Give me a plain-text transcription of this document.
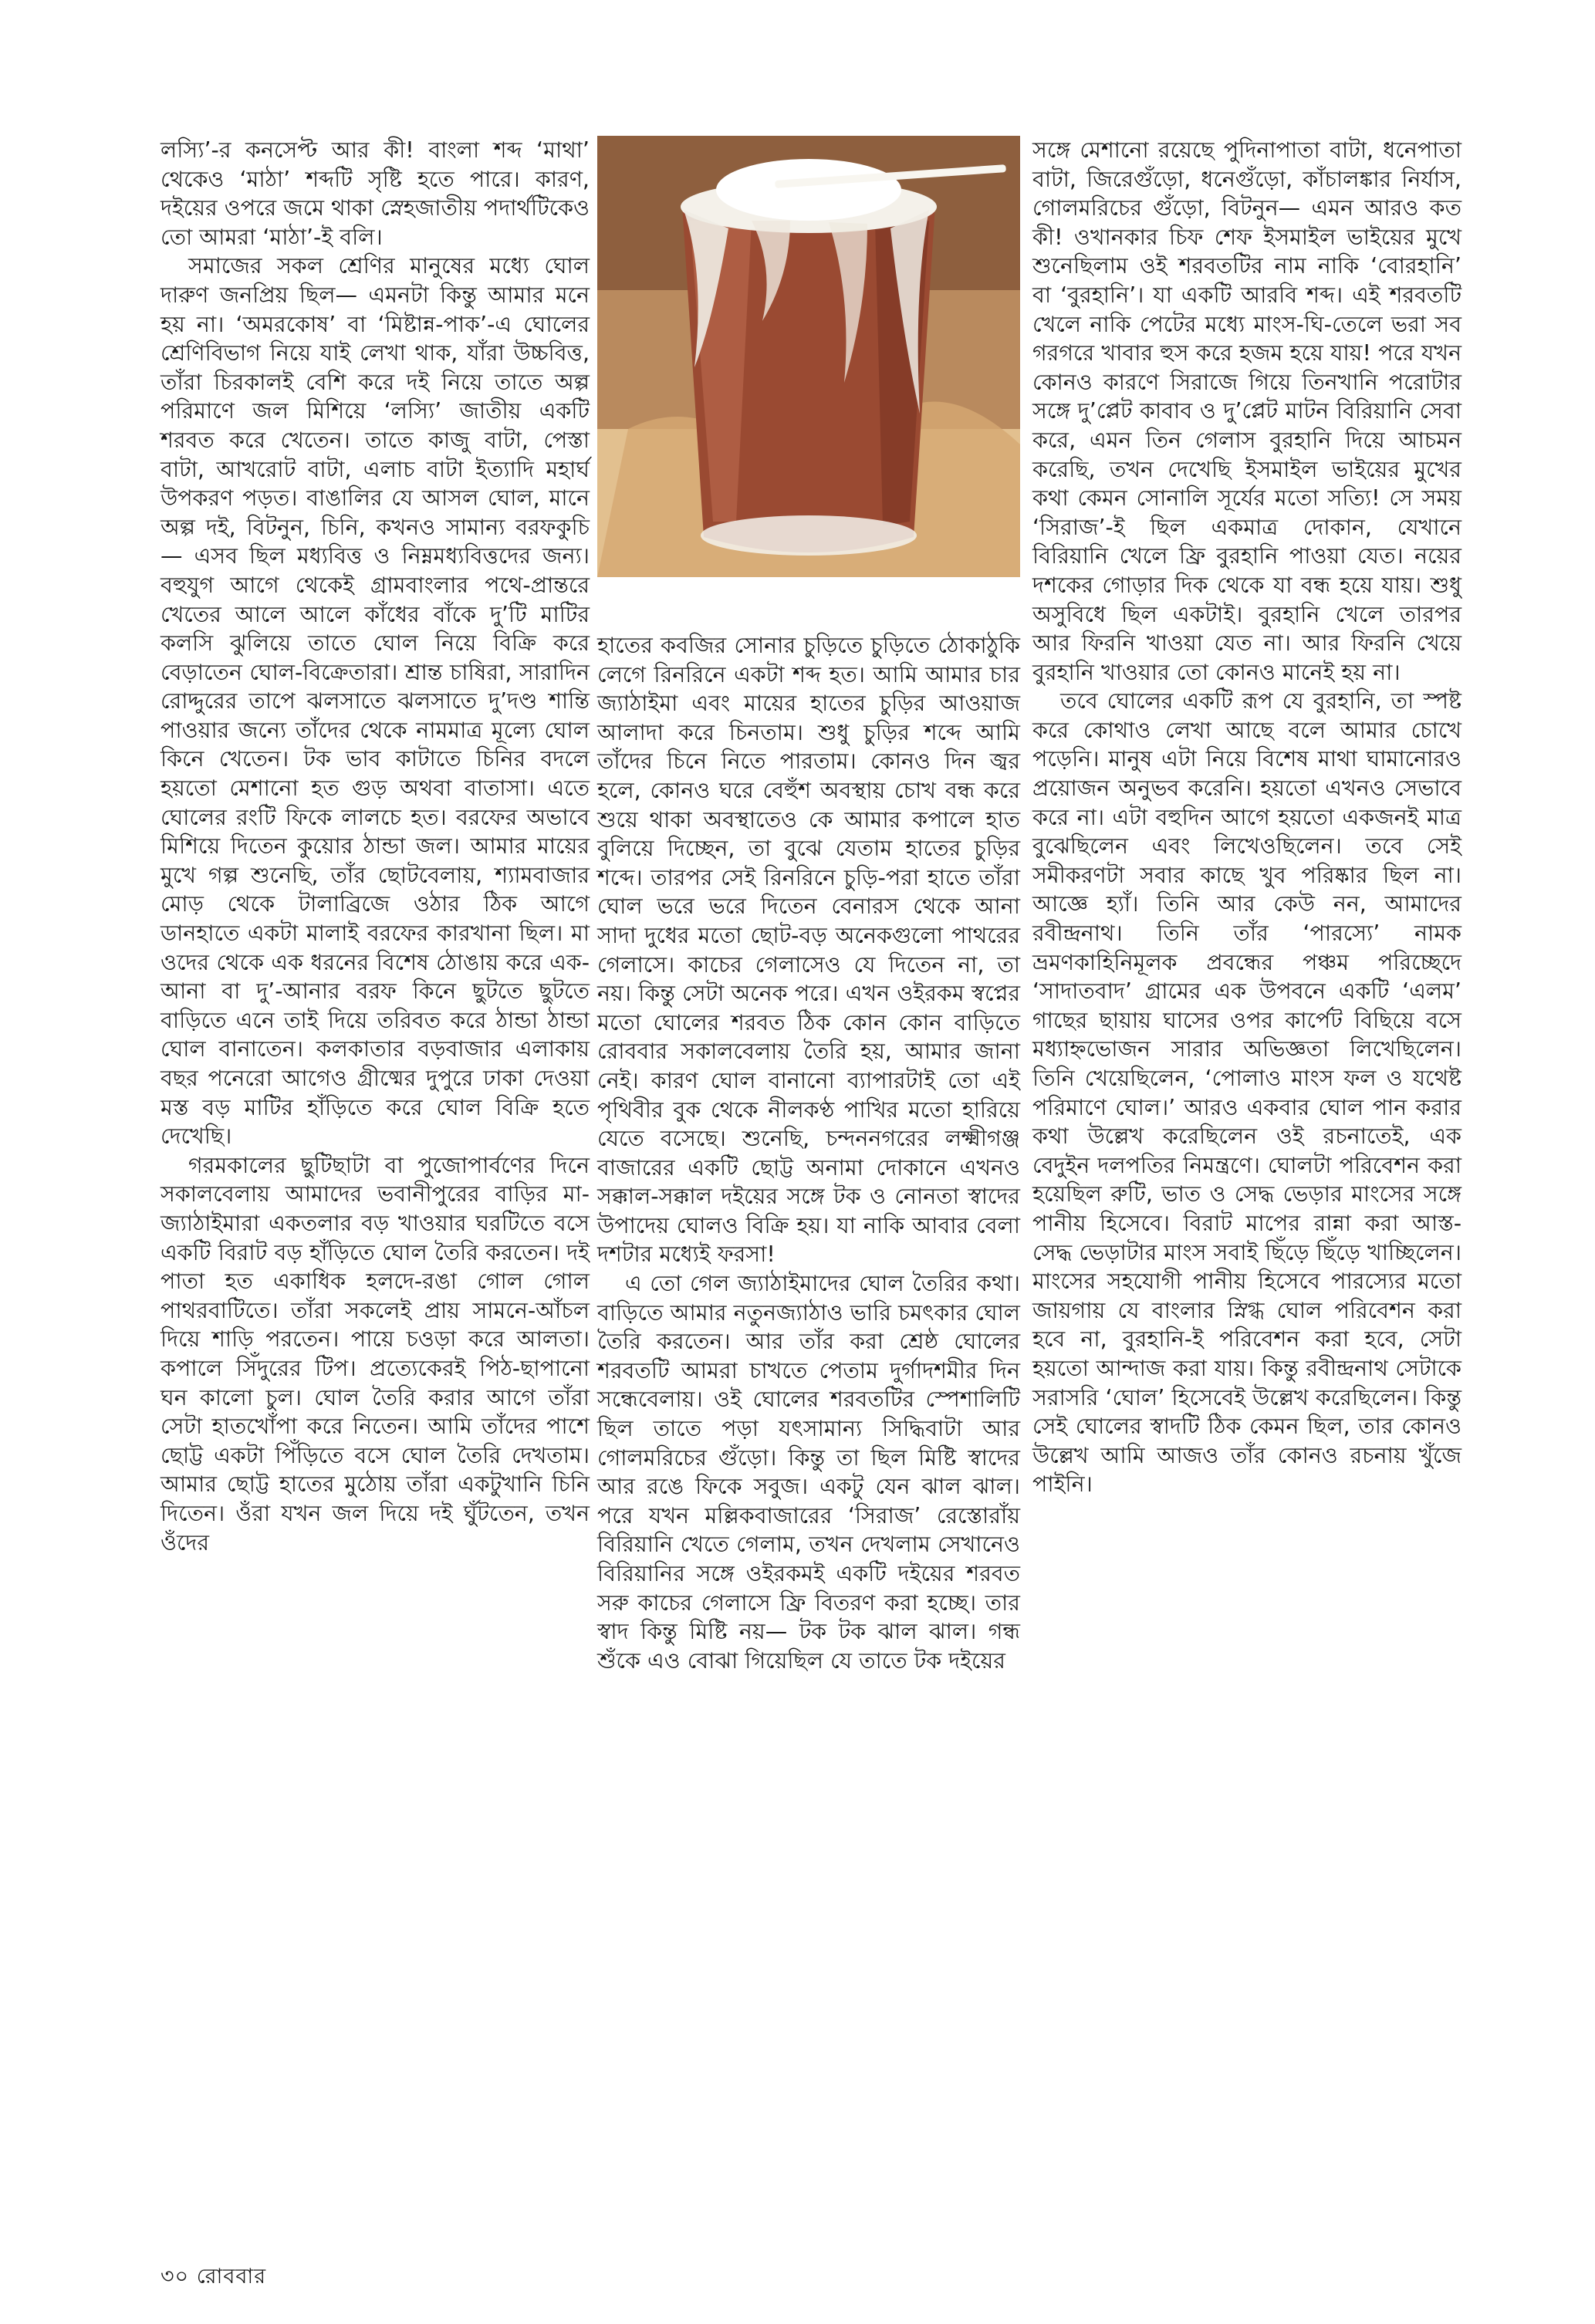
লস্যি’-র কনসেপ্ট আর কী! বাংলা শব্দ ‘মাথা’ থেকেও ‘মাঠা’ শব্দটি সৃষ্টি হতে পারে। কারণ, দইয়ের ওপরে জমে থাকা স্নেহজাতীয় পদার্থটিকেও তো আমরা ‘মাঠা’-ই বলি।

সমাজের সকল শ্রেণির মানুষের মধ্যে ঘোল দারুণ জনপ্রিয় ছিল— এমনটা কিন্তু আমার মনে হয় না। ‘অমরকোষ’ বা ‘মিষ্টান্ন-পাক’-এ ঘোলের শ্রেণিবিভাগ নিয়ে যাই লেখা থাক, যাঁরা উচ্চবিত্ত, তাঁরা চিরকালই বেশি করে দই নিয়ে তাতে অল্প পরিমাণে জল মিশিয়ে ‘লস্যি’ জাতীয় একটি শরবত করে খেতেন। তাতে কাজু বাটা, পেস্তা বাটা, আখরোট বাটা, এলাচ বাটা ইত্যাদি মহার্ঘ উপকরণ পড়ত। বাঙালির যে আসল ঘোল, মানে অল্প দই, বিটনুন, চিনি, কখনও সামান্য বরফকুচি— এসব ছিল মধ্যবিত্ত ও নিম্নমধ্যবিত্তদের জন্য। বহুযুগ আগে থেকেই গ্রামবাংলার পথে-প্রান্তরে খেতের আলে আলে কাঁধের বাঁকে দু’টি মাটির কলসি ঝুলিয়ে তাতে ঘোল নিয়ে বিক্রি করে বেড়াতেন ঘোল-বিক্রেতারা। শ্রান্ত চাষিরা, সারাদিন রোদ্দুরের তাপে ঝলসাতে ঝলসাতে দু’দণ্ড শান্তি পাওয়ার জন্যে তাঁদের থেকে নামমাত্র মূল্যে ঘোল কিনে খেতেন। টক ভাব কাটাতে চিনির বদলে হয়তো মেশানো হত গুড় অথবা বাতাসা। এতে ঘোলের রংটি ফিকে লালচে হত। বরফের অভাবে মিশিয়ে দিতেন কুয়োর ঠান্ডা জল। আমার মায়ের মুখে গল্প শুনেছি, তাঁর ছোটবেলায়, শ্যামবাজার মোড় থেকে টালাব্রিজে ওঠার ঠিক আগে ডানহাতে একটা মালাই বরফের কারখানা ছিল। মা ওদের থেকে এক ধরনের বিশেষ ঠোঙায় করে এক-আনা বা দু’-আনার বরফ কিনে ছুটতে ছুটতে বাড়িতে এনে তাই দিয়ে তরিবত করে ঠান্ডা ঠান্ডা ঘোল বানাতেন। কলকাতার বড়বাজার এলাকায় বছর পনেরো আগেও গ্রীষ্মের দুপুরে ঢাকা দেওয়া মস্ত বড় মাটির হাঁড়িতে করে ঘোল বিক্রি হতে দেখেছি।

গরমকালের ছুটিছাটা বা পুজোপার্বণের দিনে সকালবেলায় আমাদের ভবানীপুরের বাড়ির মা-জ্যাঠাইমারা একতলার বড় খাওয়ার ঘরটিতে বসে একটি বিরাট বড় হাঁড়িতে ঘোল তৈরি করতেন। দই পাতা হত একাধিক হলদে-রঙা গোল গোল পাথরবাটিতে। তাঁরা সকলেই প্রায় সামনে-আঁচল দিয়ে শাড়ি পরতেন। পায়ে চওড়া করে আলতা। কপালে সিঁদুরের টিপ। প্রত্যেকেরই পিঠ-ছাপানো ঘন কালো চুল। ঘোল তৈরি করার আগে তাঁরা সেটা হাতখোঁপা করে নিতেন। আমি তাঁদের পাশে ছোট্ট একটা পিঁড়িতে বসে ঘোল তৈরি দেখতাম। আমার ছোট্ট হাতের মুঠোয় তাঁরা একটুখানি চিনি দিতেন। ওঁরা যখন জল দিয়ে দই ঘুঁটতেন, তখন ওঁদের

হাতের কবজির সোনার চুড়িতে চুড়িতে ঠোকাঠুকি লেগে রিনরিনে একটা শব্দ হত। আমি আমার চার জ্যাঠাইমা এবং মায়ের হাতের চুড়ির আওয়াজ আলাদা করে চিনতাম। শুধু চুড়ির শব্দে আমি তাঁদের চিনে নিতে পারতাম। কোনও দিন জ্বর হলে, কোনও ঘরে বেহুঁশ অবস্থায় চোখ বন্ধ করে শুয়ে থাকা অবস্থাতেও কে আমার কপালে হাত বুলিয়ে দিচ্ছেন, তা বুঝে যেতাম হাতের চুড়ির শব্দে। তারপর সেই রিনরিনে চুড়ি-পরা হাতে তাঁরা ঘোল ভরে ভরে দিতেন বেনারস থেকে আনা সাদা দুধের মতো ছোট-বড় অনেকগুলো পাথরের গেলাসে। কাচের গেলাসেও যে দিতেন না, তা নয়। কিন্তু সেটা অনেক পরে। এখন ওইরকম স্বপ্নের মতো ঘোলের শরবত ঠিক কোন কোন বাড়িতে রোববার সকালবেলায় তৈরি হয়, আমার জানা নেই। কারণ ঘোল বানানো ব্যাপারটাই তো এই পৃথিবীর বুক থেকে নীলকণ্ঠ পাখির মতো হারিয়ে যেতে বসেছে। শুনেছি, চন্দননগরের লক্ষ্মীগঞ্জ বাজারের একটি ছোট্ট অনামা দোকানে এখনও সক্কাল-সক্কাল দইয়ের সঙ্গে টক ও নোনতা স্বাদের উপাদেয় ঘোলও বিক্রি হয়। যা নাকি আবার বেলা দশটার মধ্যেই ফরসা!

এ তো গেল জ্যাঠাইমাদের ঘোল তৈরির কথা। বাড়িতে আমার নতুনজ্যাঠাও ভারি চমৎকার ঘোল তৈরি করতেন। আর তাঁর করা শ্রেষ্ঠ ঘোলের শরবতটি আমরা চাখতে পেতাম দুর্গাদশমীর দিন সন্ধেবেলায়। ওই ঘোলের শরবতটির স্পেশালিটি ছিল তাতে পড়া যৎসামান্য সিদ্ধিবাটা আর গোলমরিচের গুঁড়ো। কিন্তু তা ছিল মিষ্টি স্বাদের আর রঙে ফিকে সবুজ। একটু যেন ঝাল ঝাল। পরে যখন মল্লিকবাজারের ‘সিরাজ’ রেস্তোরাঁয় বিরিয়ানি খেতে গেলাম, তখন দেখলাম সেখানেও বিরিয়ানির সঙ্গে ওইরকমই একটি দইয়ের শরবত সরু কাচের গেলাসে ফ্রি বিতরণ করা হচ্ছে। তার স্বাদ কিন্তু মিষ্টি নয়— টক টক ঝাল ঝাল। গন্ধ শুঁকে এও বোঝা গিয়েছিল যে তাতে টক দইয়ের

সঙ্গে মেশানো রয়েছে পুদিনাপাতা বাটা, ধনেপাতা বাটা, জিরেগুঁড়ো, ধনেগুঁড়ো, কাঁচালঙ্কার নির্যাস, গোলমরিচের গুঁড়ো, বিটনুন— এমন আরও কত কী! ওখানকার চিফ শেফ ইসমাইল ভাইয়ের মুখে শুনেছিলাম ওই শরবতটির নাম নাকি ‘বোরহানি’ বা ‘বুরহানি’। যা একটি আরবি শব্দ। এই শরবতটি খেলে নাকি পেটের মধ্যে মাংস-ঘি-তেলে ভরা সব গরগরে খাবার হুস করে হজম হয়ে যায়! পরে যখন কোনও কারণে সিরাজে গিয়ে তিনখানি পরোটার সঙ্গে দু’প্লেট কাবাব ও দু’প্লেট মাটন বিরিয়ানি সেবা করে, এমন তিন গেলাস বুরহানি দিয়ে আচমন করেছি, তখন দেখেছি ইসমাইল ভাইয়ের মুখের কথা কেমন সোনালি সূর্যের মতো সত্যি! সে সময় ‘সিরাজ’-ই ছিল একমাত্র দোকান, যেখানে বিরিয়ানি খেলে ফ্রি বুরহানি পাওয়া যেত। নয়ের দশকের গোড়ার দিক থেকে যা বন্ধ হয়ে যায়। শুধু অসুবিধে ছিল একটাই। বুরহানি খেলে তারপর আর ফিরনি খাওয়া যেত না। আর ফিরনি খেয়ে বুরহানি খাওয়ার তো কোনও মানেই হয় না।

তবে ঘোলের একটি রূপ যে বুরহানি, তা স্পষ্ট করে কোথাও লেখা আছে বলে আমার চোখে পড়েনি। মানুষ এটা নিয়ে বিশেষ মাথা ঘামানোরও প্রয়োজন অনুভব করেনি। হয়তো এখনও সেভাবে করে না। এটা বহুদিন আগে হয়তো একজনই মাত্র বুঝেছিলেন এবং লিখেওছিলেন। তবে সেই সমীকরণটা সবার কাছে খুব পরিষ্কার ছিল না। আজ্ঞে হ্যাঁ। তিনি আর কেউ নন, আমাদের রবীন্দ্রনাথ। তিনি তাঁর ‘পারস্যে’ নামক ভ্রমণকাহিনিমূলক প্রবন্ধের পঞ্চম পরিচ্ছেদে ‘সাদাতবাদ’ গ্রামের এক উপবনে একটি ‘এলম’ গাছের ছায়ায় ঘাসের ওপর কার্পেট বিছিয়ে বসে মধ্যাহ্নভোজন সারার অভিজ্ঞতা লিখেছিলেন। তিনি খেয়েছিলেন, ‘পোলাও মাংস ফল ও যথেষ্ট পরিমাণে ঘোল।’ আরও একবার ঘোল পান করার কথা উল্লেখ করেছিলেন ওই রচনাতেই, এক বেদুইন দলপতির নিমন্ত্রণে। ঘোলটা পরিবেশন করা হয়েছিল রুটি, ভাত ও সেদ্ধ ভেড়ার মাংসের সঙ্গে পানীয় হিসেবে। বিরাট মাপের রান্না করা আস্ত-সেদ্ধ ভেড়াটার মাংস সবাই ছিঁড়ে ছিঁড়ে খাচ্ছিলেন। মাংসের সহযোগী পানীয় হিসেবে পারস্যের মতো জায়গায় যে বাংলার স্নিগ্ধ ঘোল পরিবেশন করা হবে না, বুরহানি-ই পরিবেশন করা হবে, সেটা হয়তো আন্দাজ করা যায়। কিন্তু রবীন্দ্রনাথ সেটাকে সরাসরি ‘ঘোল’ হিসেবেই উল্লেখ করেছিলেন। কিন্তু সেই ঘোলের স্বাদটি ঠিক কেমন ছিল, তার কোনও উল্লেখ আমি আজও তাঁর কোনও রচনায় খুঁজে পাইনি।

৩০ রোববার
